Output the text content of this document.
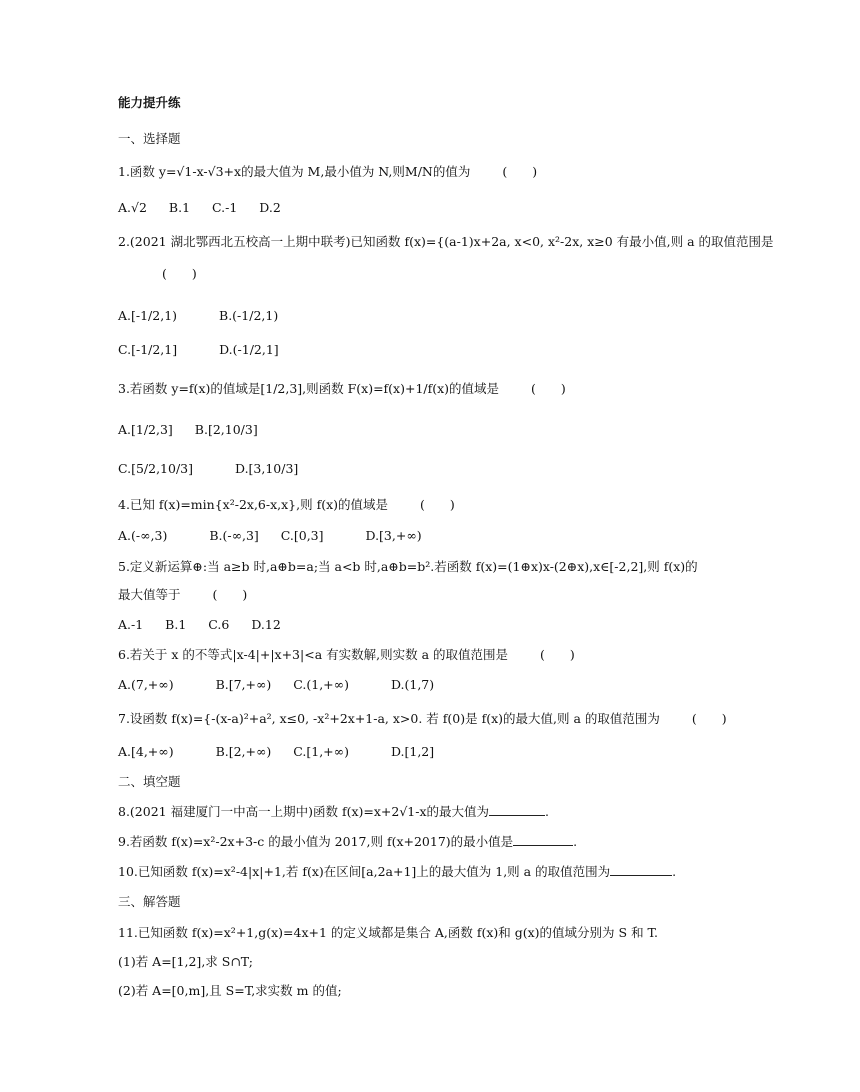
能力提升练
一、选择题
1.函数 y=√1-x-√3+x的最大值为 M,最小值为 N,则M/N的值为	(　　)
A.√2 B.1 C.-1 D.2
2.(2021 湖北鄂西北五校高一上期中联考)已知函数 f(x)={(a-1)x+2a, x<0, x²-2x, x≥0 有最小值,则 a 的取值范围是
(　　)
A.[-1/2,1)	B.(-1/2,1)
C.[-1/2,1]	D.(-1/2,1]
3.若函数 y=f(x)的值域是[1/2,3],则函数 F(x)=f(x)+1/f(x)的值域是	(　　)
A.[1/2,3] B.[2,10/3]
C.[5/2,10/3]	D.[3,10/3]
4.已知 f(x)=min{x²-2x,6-x,x},则 f(x)的值域是	(　　)
A.(-∞,3)	B.(-∞,3] C.[0,3]	D.[3,+∞)
5.定义新运算⊕:当 a≥b 时,a⊕b=a;当 a<b 时,a⊕b=b².若函数 f(x)=(1⊕x)x-(2⊕x),x∈[-2,2],则 f(x)的
最大值等于	(　　)
A.-1 B.1 C.6 D.12
6.若关于 x 的不等式|x-4|+|x+3|<a 有实数解,则实数 a 的取值范围是	(　　)
A.(7,+∞)	B.[7,+∞) C.(1,+∞)	D.(1,7)
7.设函数 f(x)={-(x-a)²+a², x≤0, -x²+2x+1-a, x>0. 若 f(0)是 f(x)的最大值,则 a 的取值范围为	(　　)
A.[4,+∞)	B.[2,+∞) C.[1,+∞)	D.[1,2]
二、填空题
8.(2021 福建厦门一中高一上期中)函数 f(x)=x+2√1-x的最大值为	.
9.若函数 f(x)=x²-2x+3-c 的最小值为 2017,则 f(x+2017)的最小值是	.
10.已知函数 f(x)=x²-4|x|+1,若 f(x)在区间[a,2a+1]上的最大值为 1,则 a 的取值范围为	.
三、解答题
11.已知函数 f(x)=x²+1,g(x)=4x+1 的定义域都是集合 A,函数 f(x)和 g(x)的值域分别为 S 和 T.
(1)若 A=[1,2],求 S∩T;
(2)若 A=[0,m],且 S=T,求实数 m 的值;
